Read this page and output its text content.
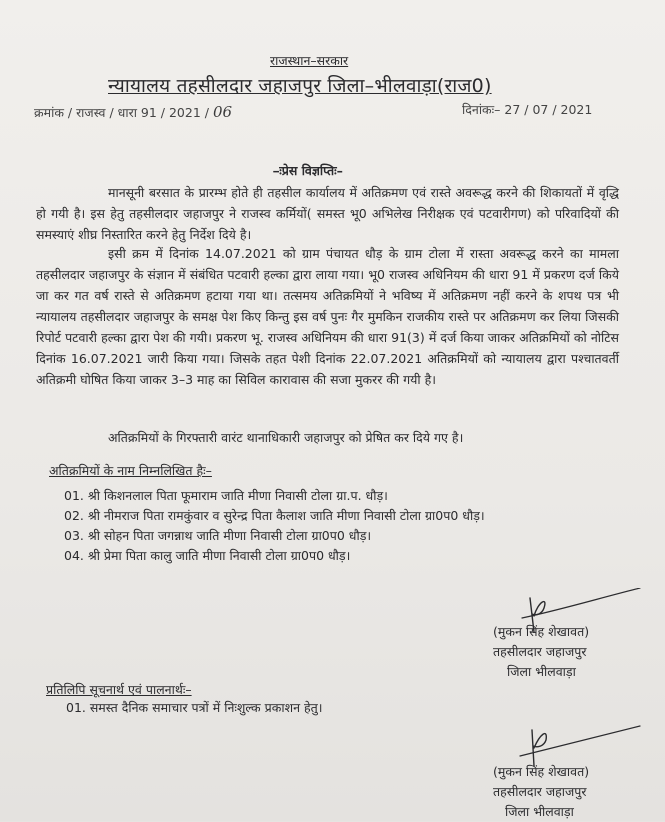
राजस्थान–सरकार
न्यायालय तहसीलदार जहाजपुर जिला–भीलवाड़ा(राज0)
क्रमांक / राजस्व / धारा 91 / 2021 / 06	दिनांकः– 27 / 07 / 2021
–ःप्रेस विज्ञप्तिः–

मानसूनी बरसात के प्रारम्भ होते ही तहसील कार्यालय में अतिक्रमण एवं रास्ते अवरूद्ध करने की शिकायतों में वृद्धि हो गयी है। इस हेतु तहसीलदार जहाजपुर ने राजस्व कर्मियों( समस्त भू0 अभिलेख निरीक्षक एवं पटवारीगण) को परिवादियों की समस्याएं शीघ्र निस्तारित करने हेतु निर्देश दिये है।

इसी क्रम में दिनांक 14.07.2021 को ग्राम पंचायत धौड़ के ग्राम टोला में रास्ता अवरूद्ध करने का मामला तहसीलदार जहाजपुर के संज्ञान में संबंधित पटवारी हल्का द्वारा लाया गया। भू0 राजस्व अधिनियम की धारा 91 में प्रकरण दर्ज किये जा कर गत वर्ष रास्ते से अतिक्रमण हटाया गया था। तत्समय अतिक्रमियों ने भविष्य में अतिक्रमण नहीं करने के शपथ पत्र भी न्यायालय तहसीलदार जहाजपुर के समक्ष पेश किए किन्तु इस वर्ष पुनः गैर मुमकिन राजकीय रास्ते पर अतिक्रमण कर लिया जिसकी रिपोर्ट पटवारी हल्का द्वारा पेश की गयी। प्रकरण भू. राजस्व अधिनियम की धारा 91(3) में दर्ज किया जाकर अतिक्रमियों को नोटिस दिनांक 16.07.2021 जारी किया गया। जिसके तहत पेशी दिनांक 22.07.2021 अतिक्रमियों को न्यायालय द्वारा पश्चातवर्ती अतिक्रमी घोषित किया जाकर 3–3 माह का सिविल कारावास की सजा मुकरर की गयी है।

अतिक्रमियों के गिरफ्तारी वारंट थानाधिकारी जहाजपुर को प्रेषित कर दिये गए है।

अतिक्रमियों के नाम निम्नलिखित हैः–
01. श्री किशनलाल पिता फूमाराम जाति मीणा निवासी टोला ग्रा.प. धौड़।
02. श्री नीमराज पिता रामकुंवार व सुरेन्द्र पिता कैलाश जाति मीणा निवासी टोला ग्रा0प0 धौड़।
03. श्री सोहन पिता जगन्नाथ जाति मीणा निवासी टोला ग्रा0प0 धौड़।
04. श्री प्रेमा पिता कालु जाति मीणा निवासी टोला ग्रा0प0 धौड़।
(मुकन सिंह शेखावत)
तहसीलदार जहाजपुर
जिला भीलवाड़ा
प्रतिलिपि सूचनार्थ एवं पालनार्थः–
01. समस्त दैनिक समाचार पत्रों में निःशुल्क प्रकाशन हेतु।
(मुकन सिंह शेखावत)
तहसीलदार जहाजपुर
जिला भीलवाड़ा
